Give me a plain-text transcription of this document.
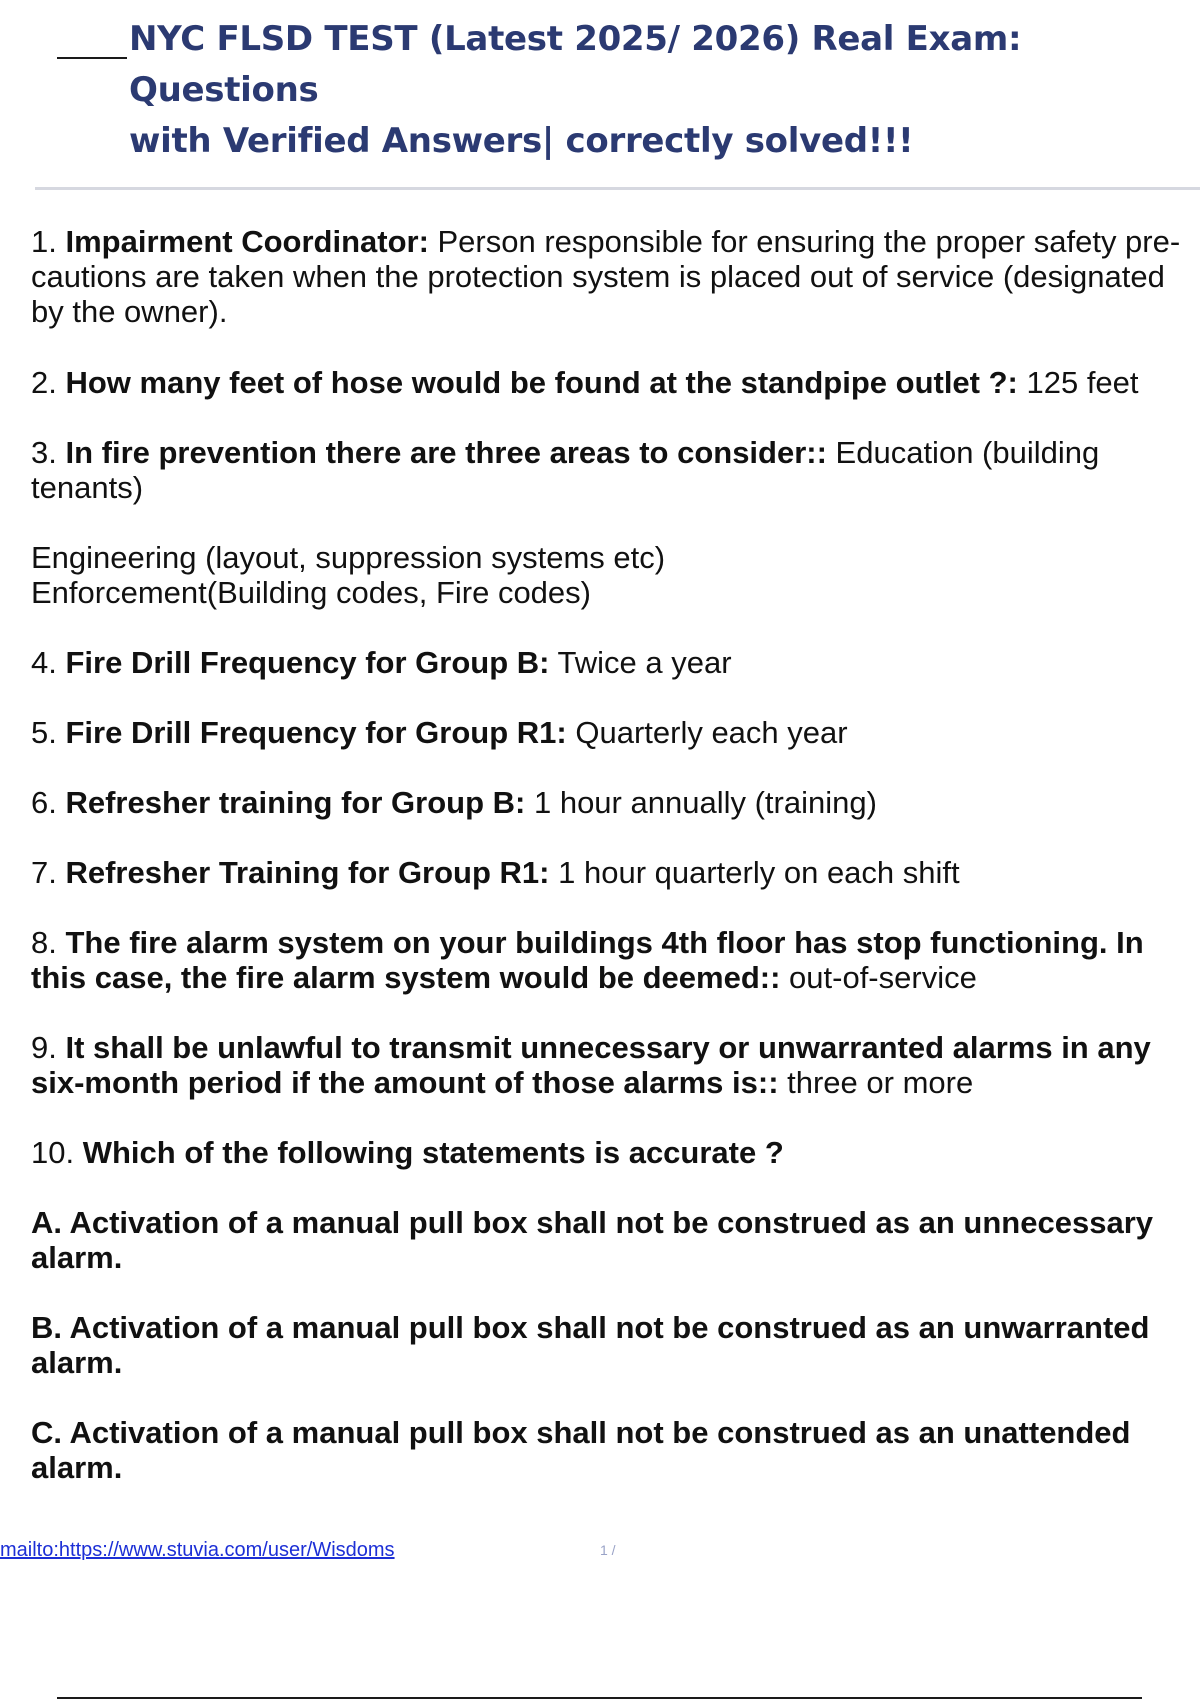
NYC FLSD TEST (Latest 2025/ 2026) Real Exam: Questions
with Verified Answers| correctly solved!!!
1. Impairment Coordinator: Person responsible for ensuring the proper safety pre-
cautions are taken when the protection system is placed out of service (designated
by the owner).
2. How many feet of hose would be found at the standpipe outlet ?: 125 feet
3. In fire prevention there are three areas to consider:: Education (building
tenants)
Engineering (layout, suppression systems etc)
Enforcement(Building codes, Fire codes)
4. Fire Drill Frequency for Group B: Twice a year
5. Fire Drill Frequency for Group R1: Quarterly each year
6. Refresher training for Group B: 1 hour annually (training)
7. Refresher Training for Group R1: 1 hour quarterly on each shift
8. The fire alarm system on your buildings 4th floor has stop functioning. In
this case, the fire alarm system would be deemed:: out-of-service
9. It shall be unlawful to transmit unnecessary or unwarranted alarms in any
six-month period if the amount of those alarms is:: three or more
10. Which of the following statements is accurate ?
A. Activation of a manual pull box shall not be construed as an unnecessary
alarm.
B. Activation of a manual pull box shall not be construed as an unwarranted
alarm.
C. Activation of a manual pull box shall not be construed as an unattended
alarm.
mailto:https://www.stuvia.com/user/Wisdoms	1 /
